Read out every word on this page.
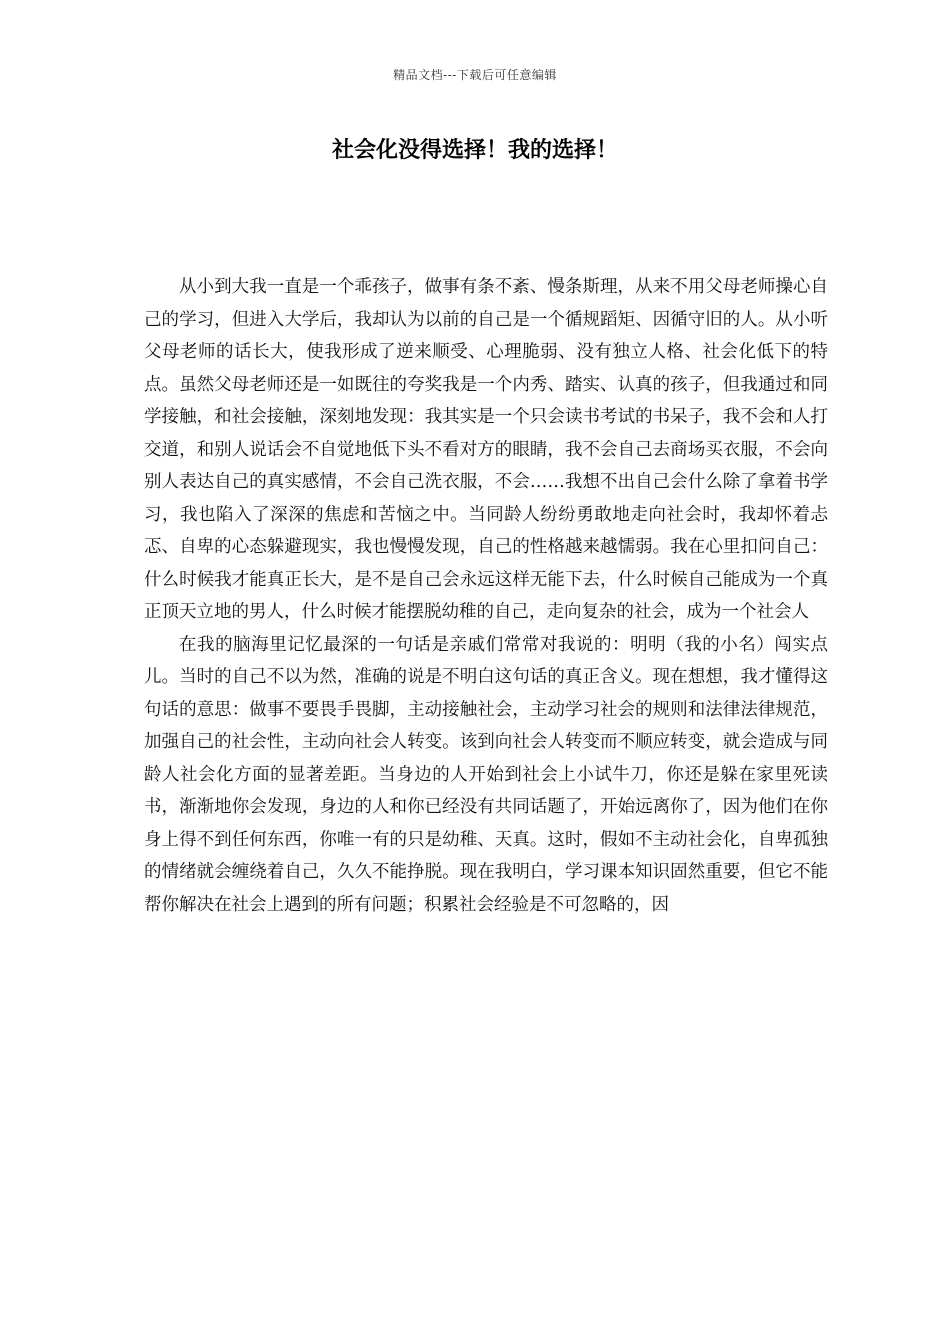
精品文档---下载后可任意编辑
社会化没得选择！我的选择！

从小到大我一直是一个乖孩子，做事有条不紊、慢条斯理，从来不用父母老师操心自己的学习，但进入大学后，我却认为以前的自己是一个循规蹈矩、因循守旧的人。从小听父母老师的话长大，使我形成了逆来顺受、心理脆弱、没有独立人格、社会化低下的特点。虽然父母老师还是一如既往的夸奖我是一个内秀、踏实、认真的孩子，但我通过和同学接触，和社会接触，深刻地发现：我其实是一个只会读书考试的书呆子，我不会和人打交道，和别人说话会不自觉地低下头不看对方的眼睛，我不会自己去商场买衣服，不会向别人表达自己的真实感情，不会自己洗衣服，不会……我想不出自己会什么除了拿着书学习，我也陷入了深深的焦虑和苦恼之中。当同龄人纷纷勇敢地走向社会时，我却怀着忐忑、自卑的心态躲避现实，我也慢慢发现，自己的性格越来越懦弱。我在心里扣问自己：什么时候我才能真正长大，是不是自己会永远这样无能下去，什么时候自己能成为一个真正顶天立地的男人，什么时候才能摆脱幼稚的自己，走向复杂的社会，成为一个社会人

在我的脑海里记忆最深的一句话是亲戚们常常对我说的：明明（我的小名）闯实点儿。当时的自己不以为然，准确的说是不明白这句话的真正含义。现在想想，我才懂得这句话的意思：做事不要畏手畏脚，主动接触社会，主动学习社会的规则和法律法律规范，加强自己的社会性，主动向社会人转变。该到向社会人转变而不顺应转变，就会造成与同龄人社会化方面的显著差距。当身边的人开始到社会上小试牛刀，你还是躲在家里死读书，渐渐地你会发现，身边的人和你已经没有共同话题了，开始远离你了，因为他们在你身上得不到任何东西，你唯一有的只是幼稚、天真。这时，假如不主动社会化，自卑孤独的情绪就会缠绕着自己，久久不能挣脱。现在我明白，学习课本知识固然重要，但它不能帮你解决在社会上遇到的所有问题；积累社会经验是不可忽略的，因
